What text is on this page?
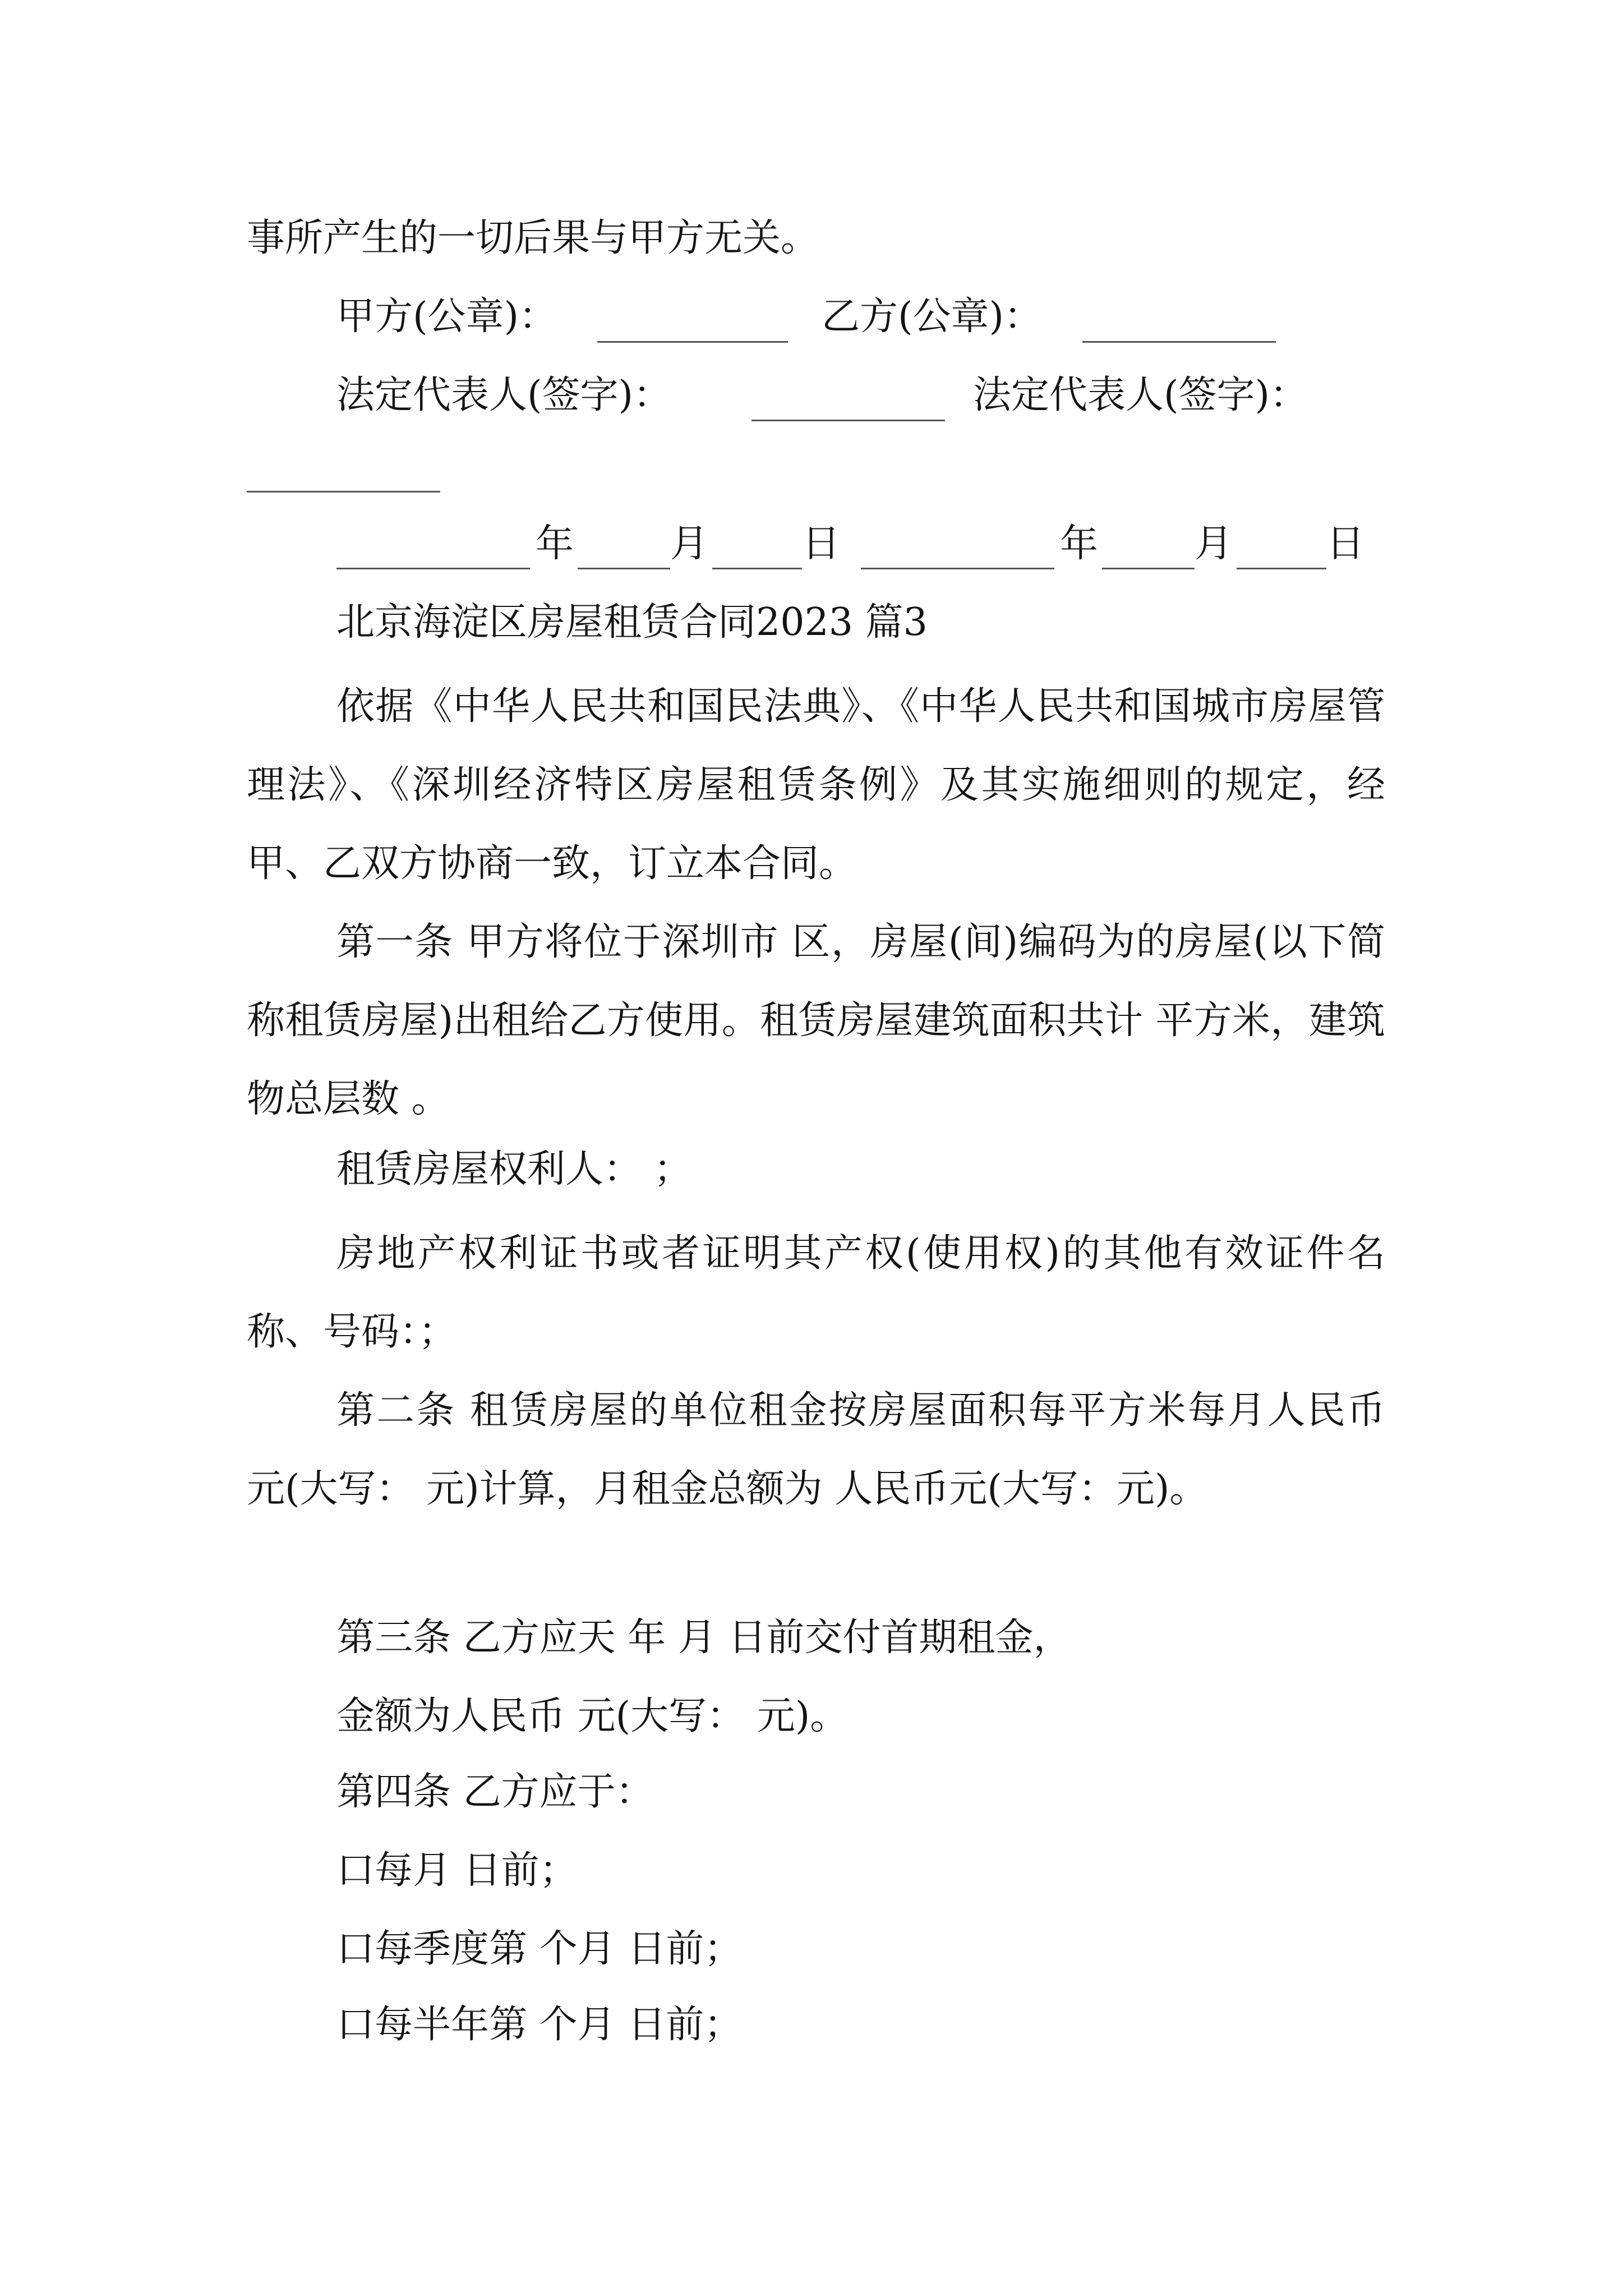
事所产生的一切后果与甲方无关。
甲方(公章)：	乙方(公章)：
法定代表人(签字)：	法定代表人(签字)：
年	月 日	年	月 日
北京海淀区房屋租赁合同2023 篇3
依据《中华人民共和国民法典》、《中华人民共和国城市房屋管理法》、《深圳经济特区房屋租赁条例》及其实施细则的规定，经甲、乙双方协商一致，订立本合同。
第一条 甲方将位于深圳市 区，房屋(间)编码为的房屋(以下简称租赁房屋)出租给乙方使用。租赁房屋建筑面积共计 平方米，建筑物总层数 。
租赁房屋权利人： ；
房地产权利证书或者证明其产权(使用权)的其他有效证件名称、号码：；
第二条 租赁房屋的单位租金按房屋面积每平方米每月人民币 元(大写： 元)计算，月租金总额为 人民币元(大写：元)。
第三条 乙方应天 年 月 日前交付首期租金，
金额为人民币 元(大写： 元)。
第四条 乙方应于：
口每月 日前；
口每季度第 个月 日前；
口每半年第 个月 日前；
